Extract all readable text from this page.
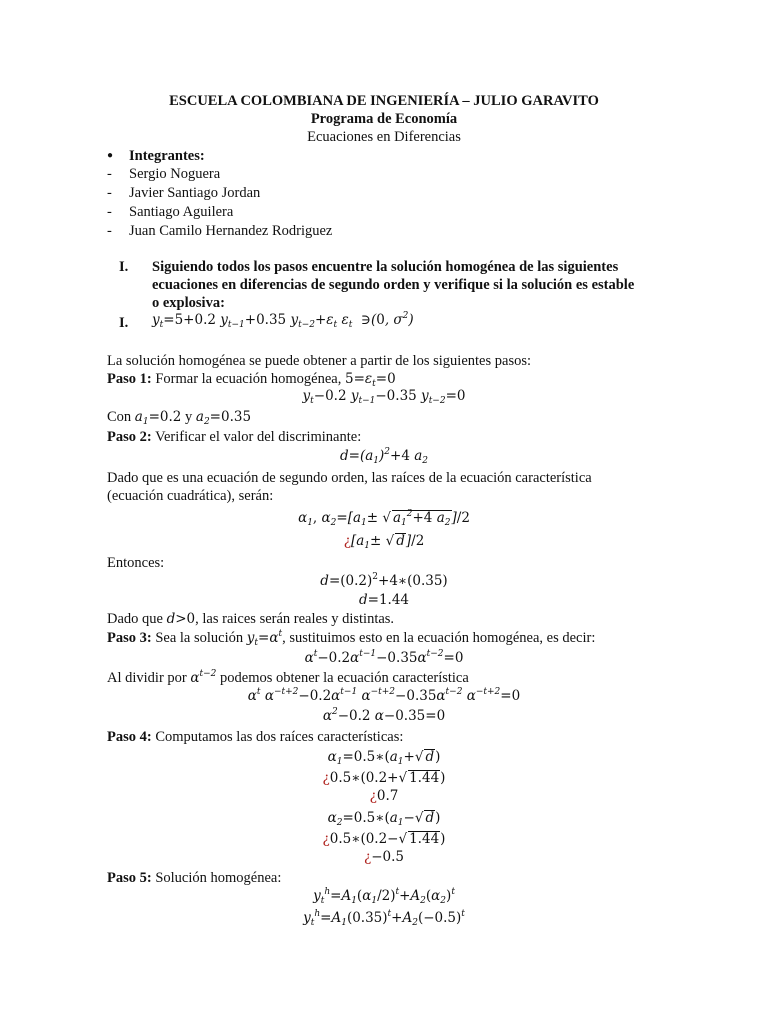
ESCUELA COLOMBIANA DE INGENIERÍA – JULIO GARAVITO
Programa de Economía
Ecuaciones en Diferencias
● Integrantes:
- Sergio Noguera
- Javier Santiago Jordan
- Santiago Aguilera
- Juan Camilo Hernandez Rodriguez
I. Siguiendo todos los pasos encuentre la solución homogénea de las siguientes
ecuaciones en diferencias de segundo orden y verifique si la solución es estable
o explosiva:
I. $y_t=5+0.2$ $y_{t-1}+0.35$ $y_{t-2}+\varepsilon_t$ $\varepsilon_t$  ∋(0, $\sigma^2$)
La solución homogénea se puede obtener a partir de los siguientes pasos:
Paso 1: Formar la ecuación homogénea, $5=\varepsilon_t=0$
$y_t-0.2$ $y_{t-1}-0.35$ $y_{t-2}=0$
Con $a_1=0.2$ y $a_2=0.35$
Paso 2: Verificar el valor del discriminante:
$d=(a_1)^2+4$ $a_2$
Dado que es una ecuación de segundo orden, las raíces de la ecuación característica
(ecuación cuadrática), serán:
$\alpha_1$, $\alpha_2=[a_1\pm$ √ $a_1^2+4$ $a_2]/2$
¿[$a_1\pm$ √ d]/2
Entonces:
$d=(0.2)^2+4∗(0.35)$
d=1.44
Dado que d>0, las raices serán reales y distintas.
Paso 3: Sea la solución $y_t=\alpha^t$, sustituimos esto en la ecuación homogénea, es decir:
$\alpha^t-0.2\alpha^{t-1}-0.35\alpha^{t-2}=0$
Al dividir por $\alpha^{t-2}$ podemos obtener la ecuación característica
$\alpha^t$ $\alpha^{-t+2}-0.2\alpha^{t-1}$ $\alpha^{-t+2}-0.35\alpha^{t-2}$ $\alpha^{-t+2}=0$
$\alpha^2-0.2$ α−0.35=0
Paso 4: Computamos las dos raíces características:
$\alpha_1=0.5∗(a_1+√$ d)
¿0.5∗(0.2+√ 1.44)
¿0.7
$\alpha_2=0.5∗(a_1-√$ d)
¿0.5∗(0.2−√ 1.44)
¿−0.5
Paso 5: Solución homogénea:
$y_t^h=A_1(\alpha_1/2)^t+A_2(\alpha_2)^t$
$y_t^h=A_1(0.35)^t+A_2(-0.5)^t$
